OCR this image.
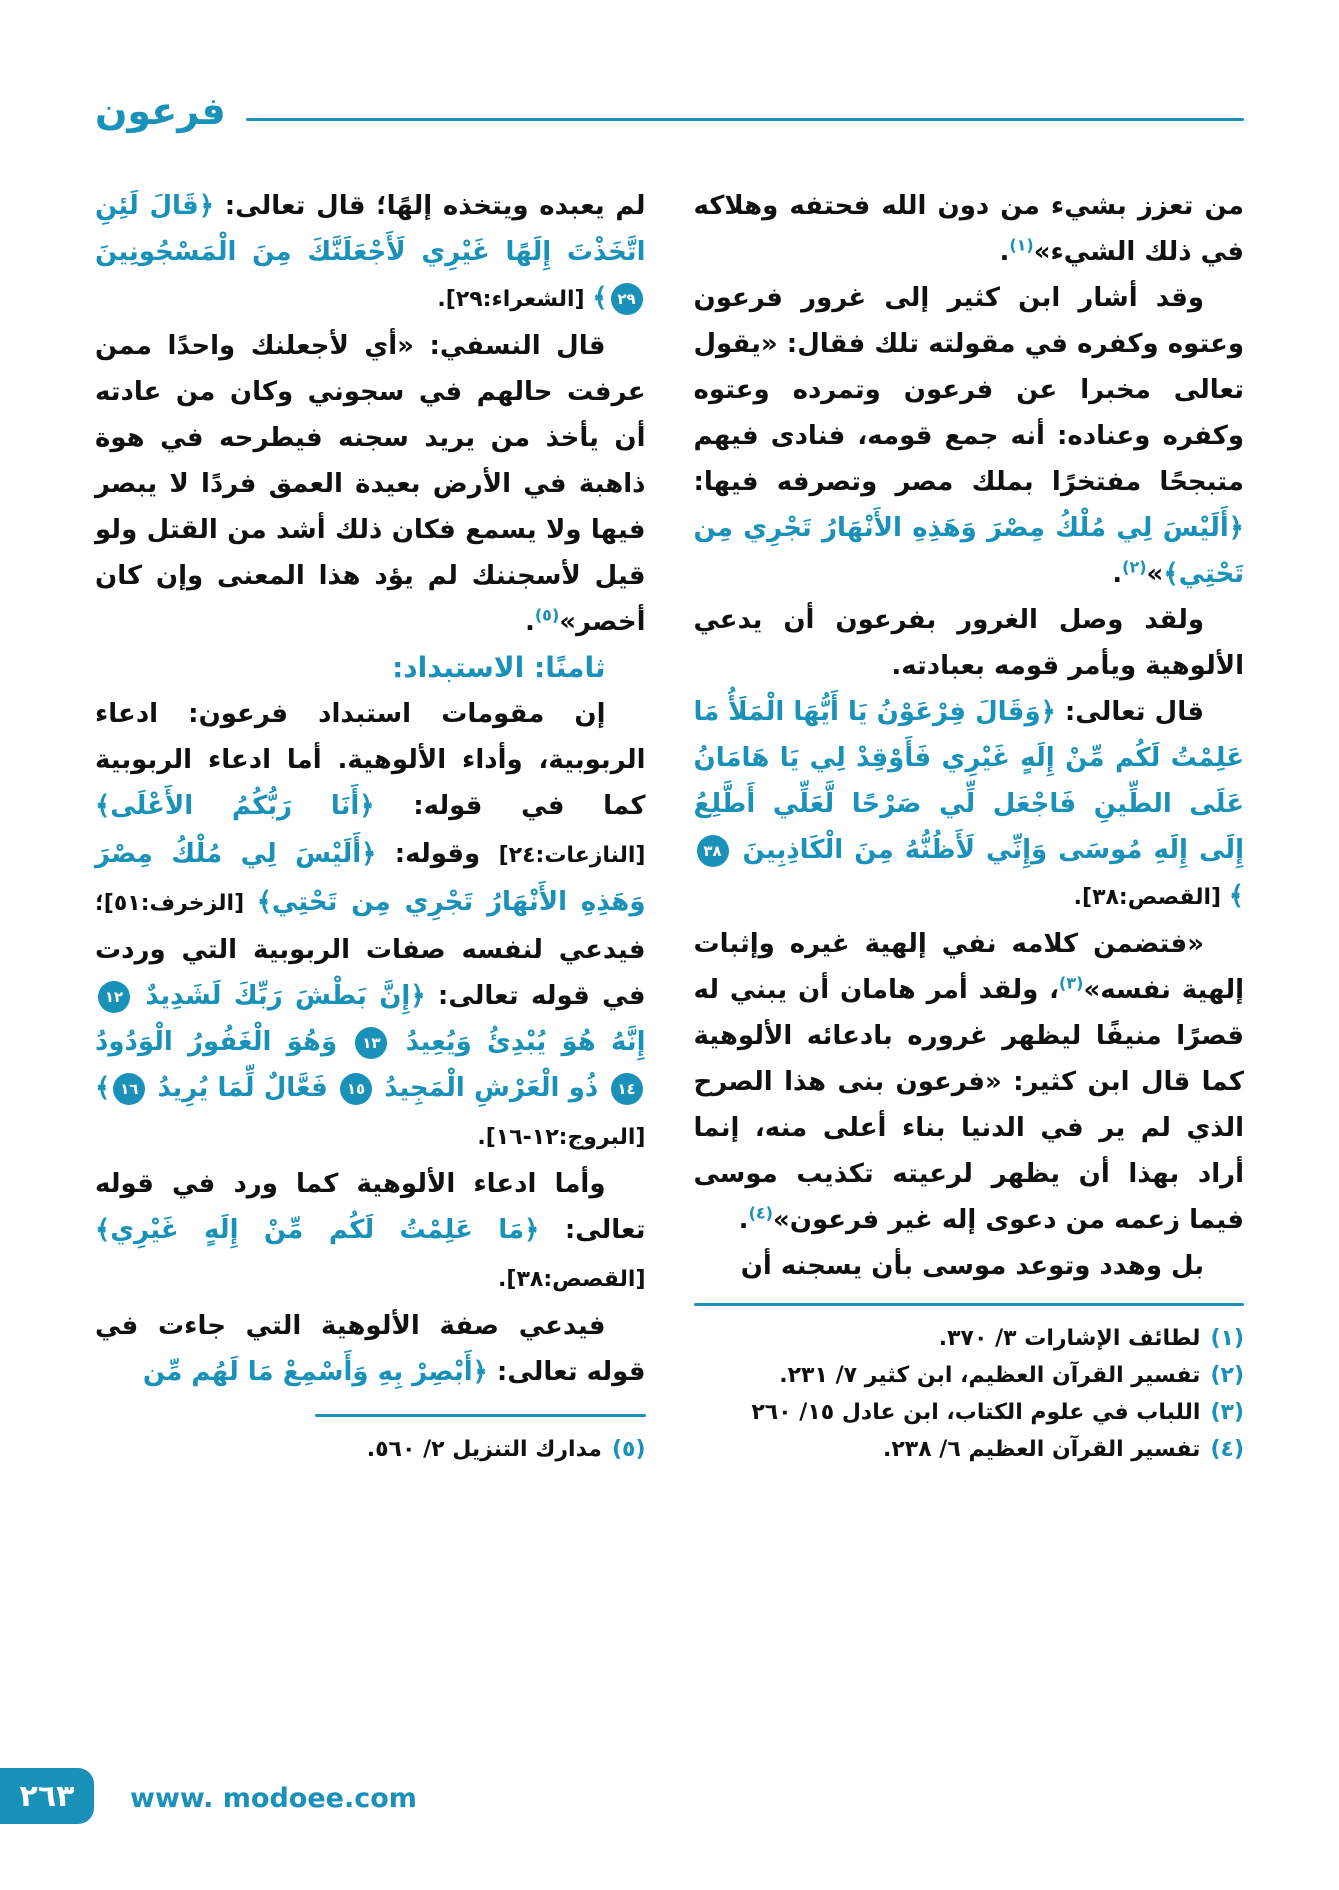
فرعون

من تعزز بشيء من دون الله فحتفه وهلاكه في ذلك الشيء»$^{(١)}$.

وقد أشار ابن كثير إلى غرور فرعون وعتوه وكفره في مقولته تلك فقال: «يقول تعالى مخبرا عن فرعون وتمرده وعتوه وكفره وعناده: أنه جمع قومه، فنادى فيهم متبجحًا مفتخرًا بملك مصر وتصرفه فيها: ﴿أَلَيْسَ لِي مُلْكُ مِصْرَ وَهَذِهِ الأَنْهَارُ تَجْرِي مِن تَحْتِي﴾»$^{(٢)}$.

ولقد وصل الغرور بفرعون أن يدعي الألوهية ويأمر قومه بعبادته.

قال تعالى: ﴿وَقَالَ فِرْعَوْنُ يَا أَيُّهَا الْمَلَأُ مَا عَلِمْتُ لَكُم مِّنْ إِلَهٍ غَيْرِي فَأَوْقِدْ لِي يَا هَامَانُ عَلَى الطِّينِ فَاجْعَل لِّي صَرْحًا لَّعَلِّي أَطَّلِعُ إِلَى إِلَهِ مُوسَى وَإِنِّي لَأَظُنُّهُ مِنَ الْكَاذِبِينَ ٣٨﴾ [القصص:٣٨].

«فتضمن كلامه نفي إلهية غيره وإثبات إلهية نفسه»$^{(٣)}$، ولقد أمر هامان أن يبني له قصرًا منيفًا ليظهر غروره بادعائه الألوهية كما قال ابن كثير: «فرعون بنى هذا الصرح الذي لم ير في الدنيا بناء أعلى منه، إنما أراد بهذا أن يظهر لرعيته تكذيب موسى فيما زعمه من دعوى إله غير فرعون»$^{(٤)}$.

بل وهدد وتوعد موسى بأن يسجنه أن

(١)
لطائف الإشارات ٣/ ٣٧٠.
(٢)
تفسير القرآن العظيم، ابن كثير ٧/ ٢٣١.
(٣)
اللباب في علوم الكتاب، ابن عادل ١٥/ ٢٦٠
(٤)
تفسير القرآن العظيم ٦/ ٢٣٨.

لم يعبده ويتخذه إلهًا؛ قال تعالى: ﴿قَالَ لَئِنِ اتَّخَذْتَ إِلَهًا غَيْرِي لَأَجْعَلَنَّكَ مِنَ الْمَسْجُونِينَ ٢٩﴾ [الشعراء:٢٩].

قال النسفي: «أي لأجعلنك واحدًا ممن عرفت حالهم في سجوني وكان من عادته أن يأخذ من يريد سجنه فيطرحه في هوة ذاهبة في الأرض بعيدة العمق فردًا لا يبصر فيها ولا يسمع فكان ذلك أشد من القتل ولو قيل لأسجننك لم يؤد هذا المعنى وإن كان أخصر»$^{(٥)}$.

ثامنًا: الاستبداد:

إن مقومات استبداد فرعون: ادعاء الربوبية، وأداء الألوهية. أما ادعاء الربوبية كما في قوله: ﴿أَنَا رَبُّكُمُ الأَعْلَى﴾ [النازعات:٢٤] وقوله: ﴿أَلَيْسَ لِي مُلْكُ مِصْرَ وَهَذِهِ الأَنْهَارُ تَجْرِي مِن تَحْتِي﴾ [الزخرف:٥١]؛ فيدعي لنفسه صفات الربوبية التي وردت في قوله تعالى: ﴿إِنَّ بَطْشَ رَبِّكَ لَشَدِيدٌ ١٢ إِنَّهُ هُوَ يُبْدِئُ وَيُعِيدُ ١٣ وَهُوَ الْغَفُورُ الْوَدُودُ ١٤ ذُو الْعَرْشِ الْمَجِيدُ ١٥ فَعَّالٌ لِّمَا يُرِيدُ ١٦﴾ [البروج:١٢-١٦].

وأما ادعاء الألوهية كما ورد في قوله تعالى: ﴿مَا عَلِمْتُ لَكُم مِّنْ إِلَهٍ غَيْرِي﴾ [القصص:٣٨].

فيدعي صفة الألوهية التي جاءت في قوله تعالى: ﴿أَبْصِرْ بِهِ وَأَسْمِعْ مَا لَهُم مِّن

(٥)
مدارك التنزيل ٢/ ٥٦٠.
٢٦٣ www. modoee.com
